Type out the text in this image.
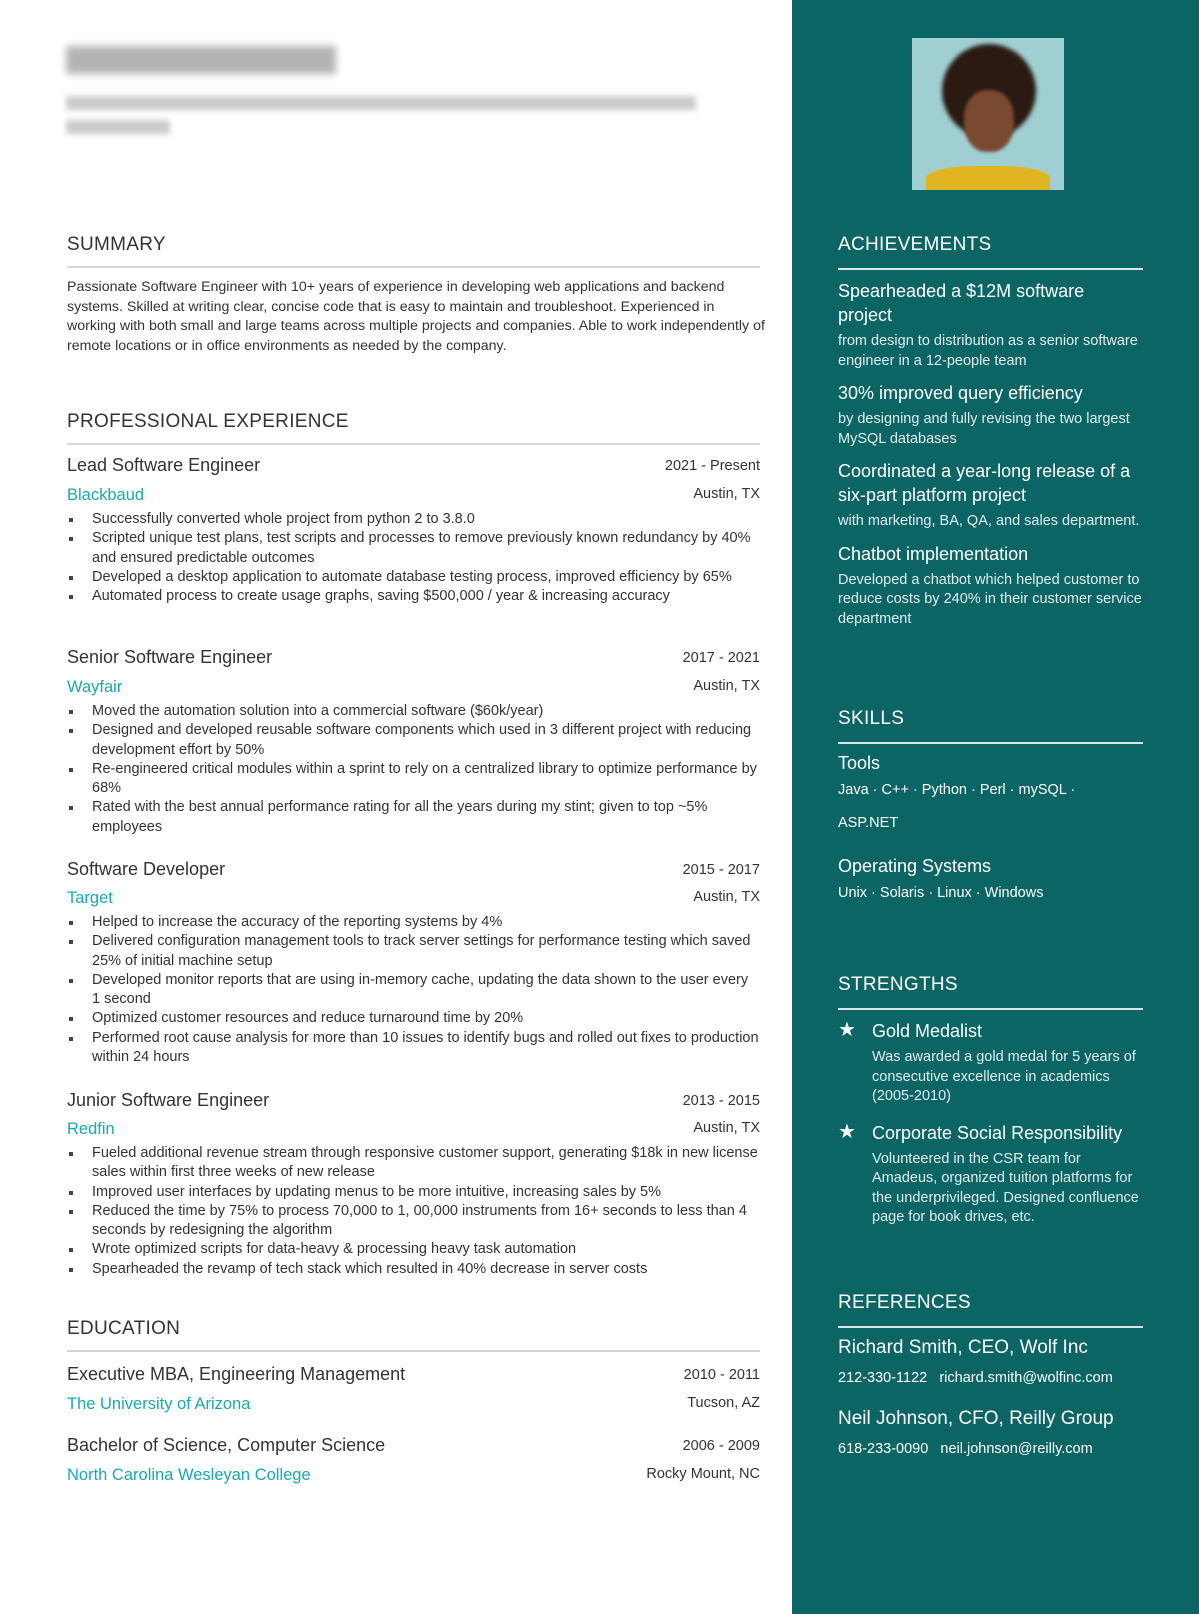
SUMMARY
Passionate Software Engineer with 10+ years of experience in developing web applications and backend systems. Skilled at writing clear, concise code that is easy to maintain and troubleshoot. Experienced in working with both small and large teams across multiple projects and companies. Able to work independently of remote locations or in office environments as needed by the company.
PROFESSIONAL EXPERIENCE
Lead Software Engineer	2021 - Present
Blackbaud	Austin, TX
Successfully converted whole project from python 2 to 3.8.0
Scripted unique test plans, test scripts and processes to remove previously known redundancy by 40% and ensured predictable outcomes
Developed a desktop application to automate database testing process, improved efficiency by 65%
Automated process to create usage graphs, saving $500,000 / year & increasing accuracy
Senior Software Engineer	2017 - 2021
Wayfair	Austin, TX
Moved the automation solution into a commercial software ($60k/year)
Designed and developed reusable software components which used in 3 different project with reducing development effort by 50%
Re-engineered critical modules within a sprint to rely on a centralized library to optimize performance by 68%
Rated with the best annual performance rating for all the years during my stint; given to top ~5% employees
Software Developer	2015 - 2017
Target	Austin, TX
Helped to increase the accuracy of the reporting systems by 4%
Delivered configuration management tools to track server settings for performance testing which saved 25% of initial machine setup
Developed monitor reports that are using in-memory cache, updating the data shown to the user every 1 second
Optimized customer resources and reduce turnaround time by 20%
Performed root cause analysis for more than 10 issues to identify bugs and rolled out fixes to production within 24 hours
Junior Software Engineer	2013 - 2015
Redfin	Austin, TX
Fueled additional revenue stream through responsive customer support, generating $18k in new license sales within first three weeks of new release
Improved user interfaces by updating menus to be more intuitive, increasing sales by 5%
Reduced the time by 75% to process 70,000 to 1, 00,000 instruments from 16+ seconds to less than 4 seconds by redesigning the algorithm
Wrote optimized scripts for data-heavy & processing heavy task automation
Spearheaded the revamp of tech stack which resulted in 40% decrease in server costs
EDUCATION
Executive MBA, Engineering Management	2010 - 2011
The University of Arizona	Tucson, AZ
Bachelor of Science, Computer Science	2006 - 2009
North Carolina Wesleyan College	Rocky Mount, NC
ACHIEVEMENTS
Spearheaded a $12M software project
from design to distribution as a senior software engineer in a 12-people team
30% improved query efficiency
by designing and fully revising the two largest MySQL databases
Coordinated a year-long release of a six-part platform project
with marketing, BA, QA, and sales department.
Chatbot implementation
Developed a chatbot which helped customer to reduce costs by 240% in their customer service department
SKILLS
Tools
Java · C++ · Python · Perl · mySQL ·
ASP.NET
Operating Systems
Unix · Solaris · Linux · Windows
STRENGTHS
★ Gold Medalist
Was awarded a gold medal for 5 years of consecutive excellence in academics (2005-2010)
★ Corporate Social Responsibility
Volunteered in the CSR team for Amadeus, organized tuition platforms for the underprivileged. Designed confluence page for book drives, etc.
REFERENCES
Richard Smith, CEO, Wolf Inc
212-330-1122 richard.smith@wolfinc.com
Neil Johnson, CFO, Reilly Group
618-233-0090 neil.johnson@reilly.com
